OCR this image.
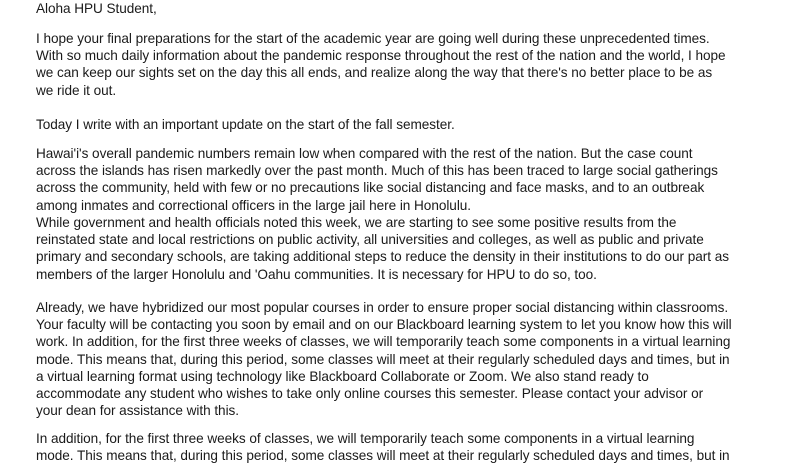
Aloha HPU Student,

I hope your final preparations for the start of the academic year are going well during these unprecedented times.
With so much daily information about the pandemic response throughout the rest of the nation and the world, I hope
we can keep our sights set on the day this all ends, and realize along the way that there's no better place to be as
we ride it out.

Today I write with an important update on the start of the fall semester.

Hawai'i's overall pandemic numbers remain low when compared with the rest of the nation. But the case count
across the islands has risen markedly over the past month. Much of this has been traced to large social gatherings
across the community, held with few or no precautions like social distancing and face masks, and to an outbreak
among inmates and correctional officers in the large jail here in Honolulu.

While government and health officials noted this week, we are starting to see some positive results from the
reinstated state and local restrictions on public activity, all universities and colleges, as well as public and private
primary and secondary schools, are taking additional steps to reduce the density in their institutions to do our part as
members of the larger Honolulu and 'Oahu communities. It is necessary for HPU to do so, too.

Already, we have hybridized our most popular courses in order to ensure proper social distancing within classrooms.
Your faculty will be contacting you soon by email and on our Blackboard learning system to let you know how this will
work. In addition, for the first three weeks of classes, we will temporarily teach some components in a virtual learning
mode. This means that, during this period, some classes will meet at their regularly scheduled days and times, but in
a virtual learning format using technology like Blackboard Collaborate or Zoom. We also stand ready to
accommodate any student who wishes to take only online courses this semester. Please contact your advisor or
your dean for assistance with this.

In addition, for the first three weeks of classes, we will temporarily teach some components in a virtual learning
mode. This means that, during this period, some classes will meet at their regularly scheduled days and times, but in
